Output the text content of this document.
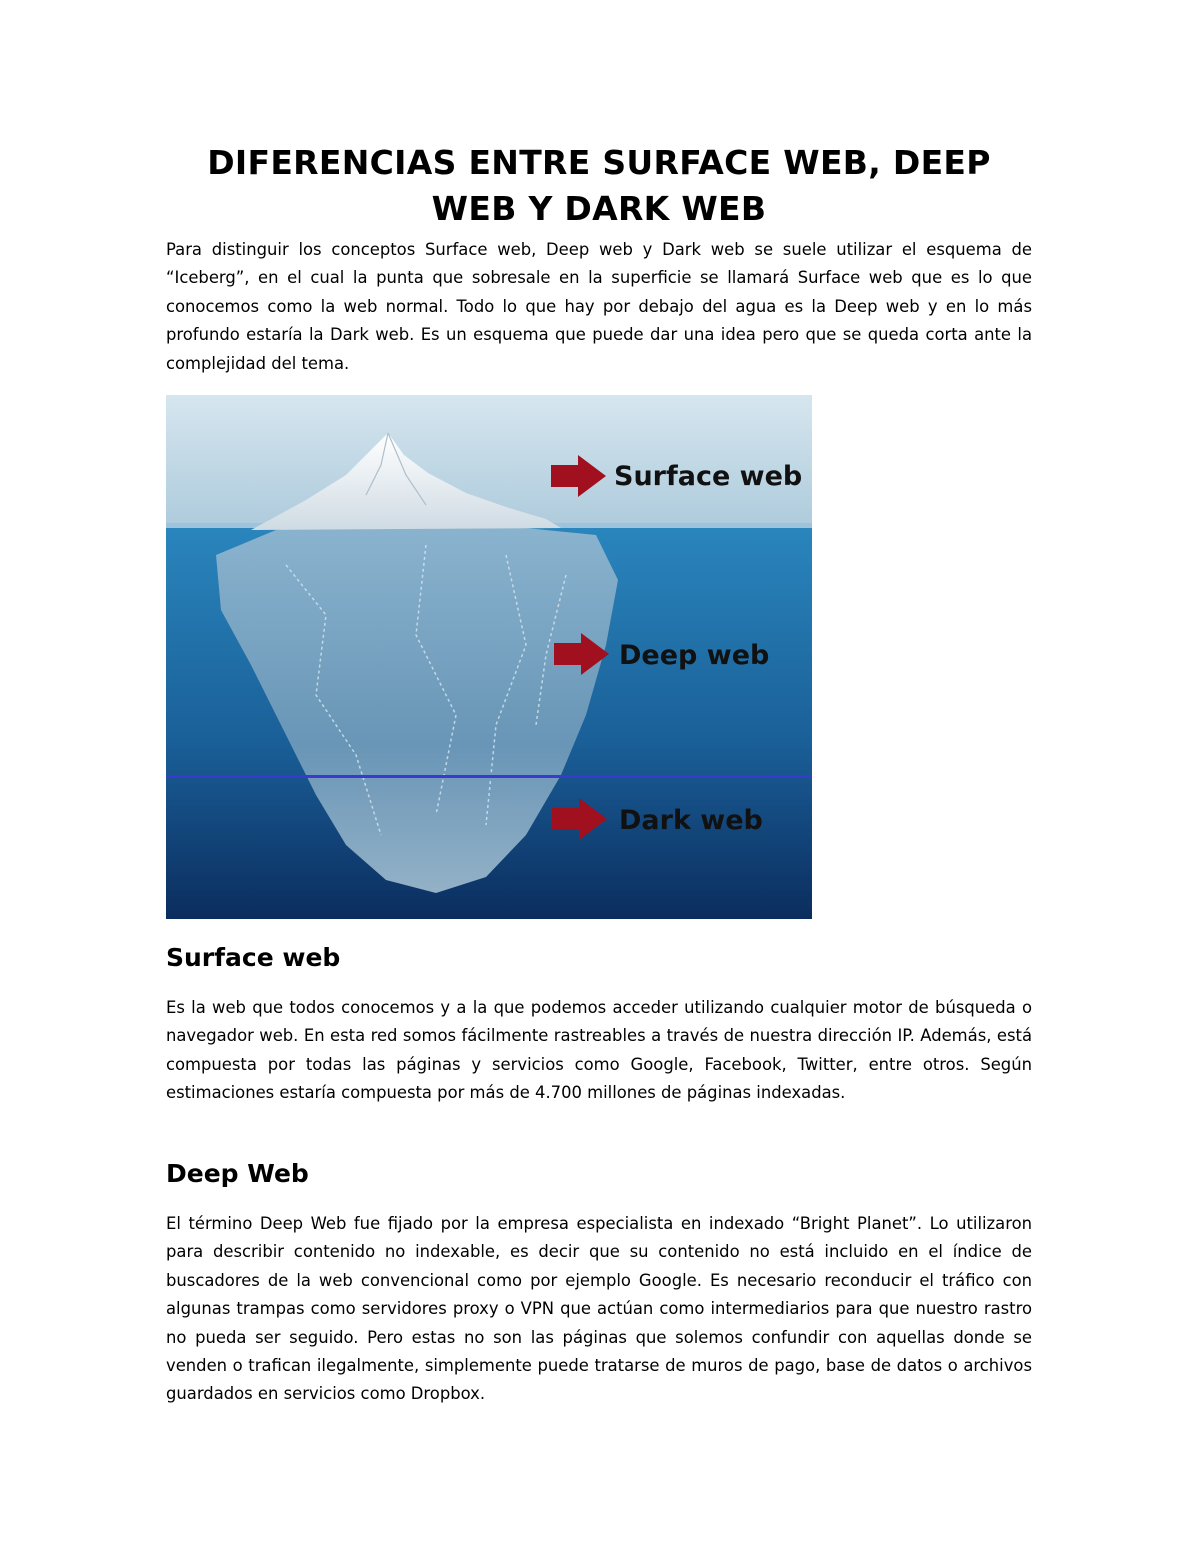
DIFERENCIAS ENTRE SURFACE WEB, DEEP WEB Y DARK WEB

Para distinguir los conceptos Surface web, Deep web y Dark web se suele utilizar el esquema de “Iceberg”, en el cual la punta que sobresale en la superficie se llamará Surface web que es lo que conocemos como la web normal. Todo lo que hay por debajo del agua es la Deep web y en lo más profundo estaría la Dark web. Es un esquema que puede dar una idea pero que se queda corta ante la complejidad del tema.

Surface web
Deep web
Dark web
Surface web

Es la web que todos conocemos y a la que podemos acceder utilizando cualquier motor de búsqueda o navegador web. En esta red somos fácilmente rastreables a través de nuestra dirección IP. Además, está compuesta por todas las páginas y servicios como Google, Facebook, Twitter, entre otros. Según estimaciones estaría compuesta por más de 4.700 millones de páginas indexadas.

Deep Web

El término Deep Web fue fijado por la empresa especialista en indexado “Bright Planet”. Lo utilizaron para describir contenido no indexable, es decir que su contenido no está incluido en el índice de buscadores de la web convencional como por ejemplo Google. Es necesario reconducir el tráfico con algunas trampas como servidores proxy o VPN que actúan como intermediarios para que nuestro rastro no pueda ser seguido. Pero estas no son las páginas que solemos confundir con aquellas donde se venden o trafican ilegalmente, simplemente puede tratarse de muros de pago, base de datos o archivos guardados en servicios como Dropbox.
